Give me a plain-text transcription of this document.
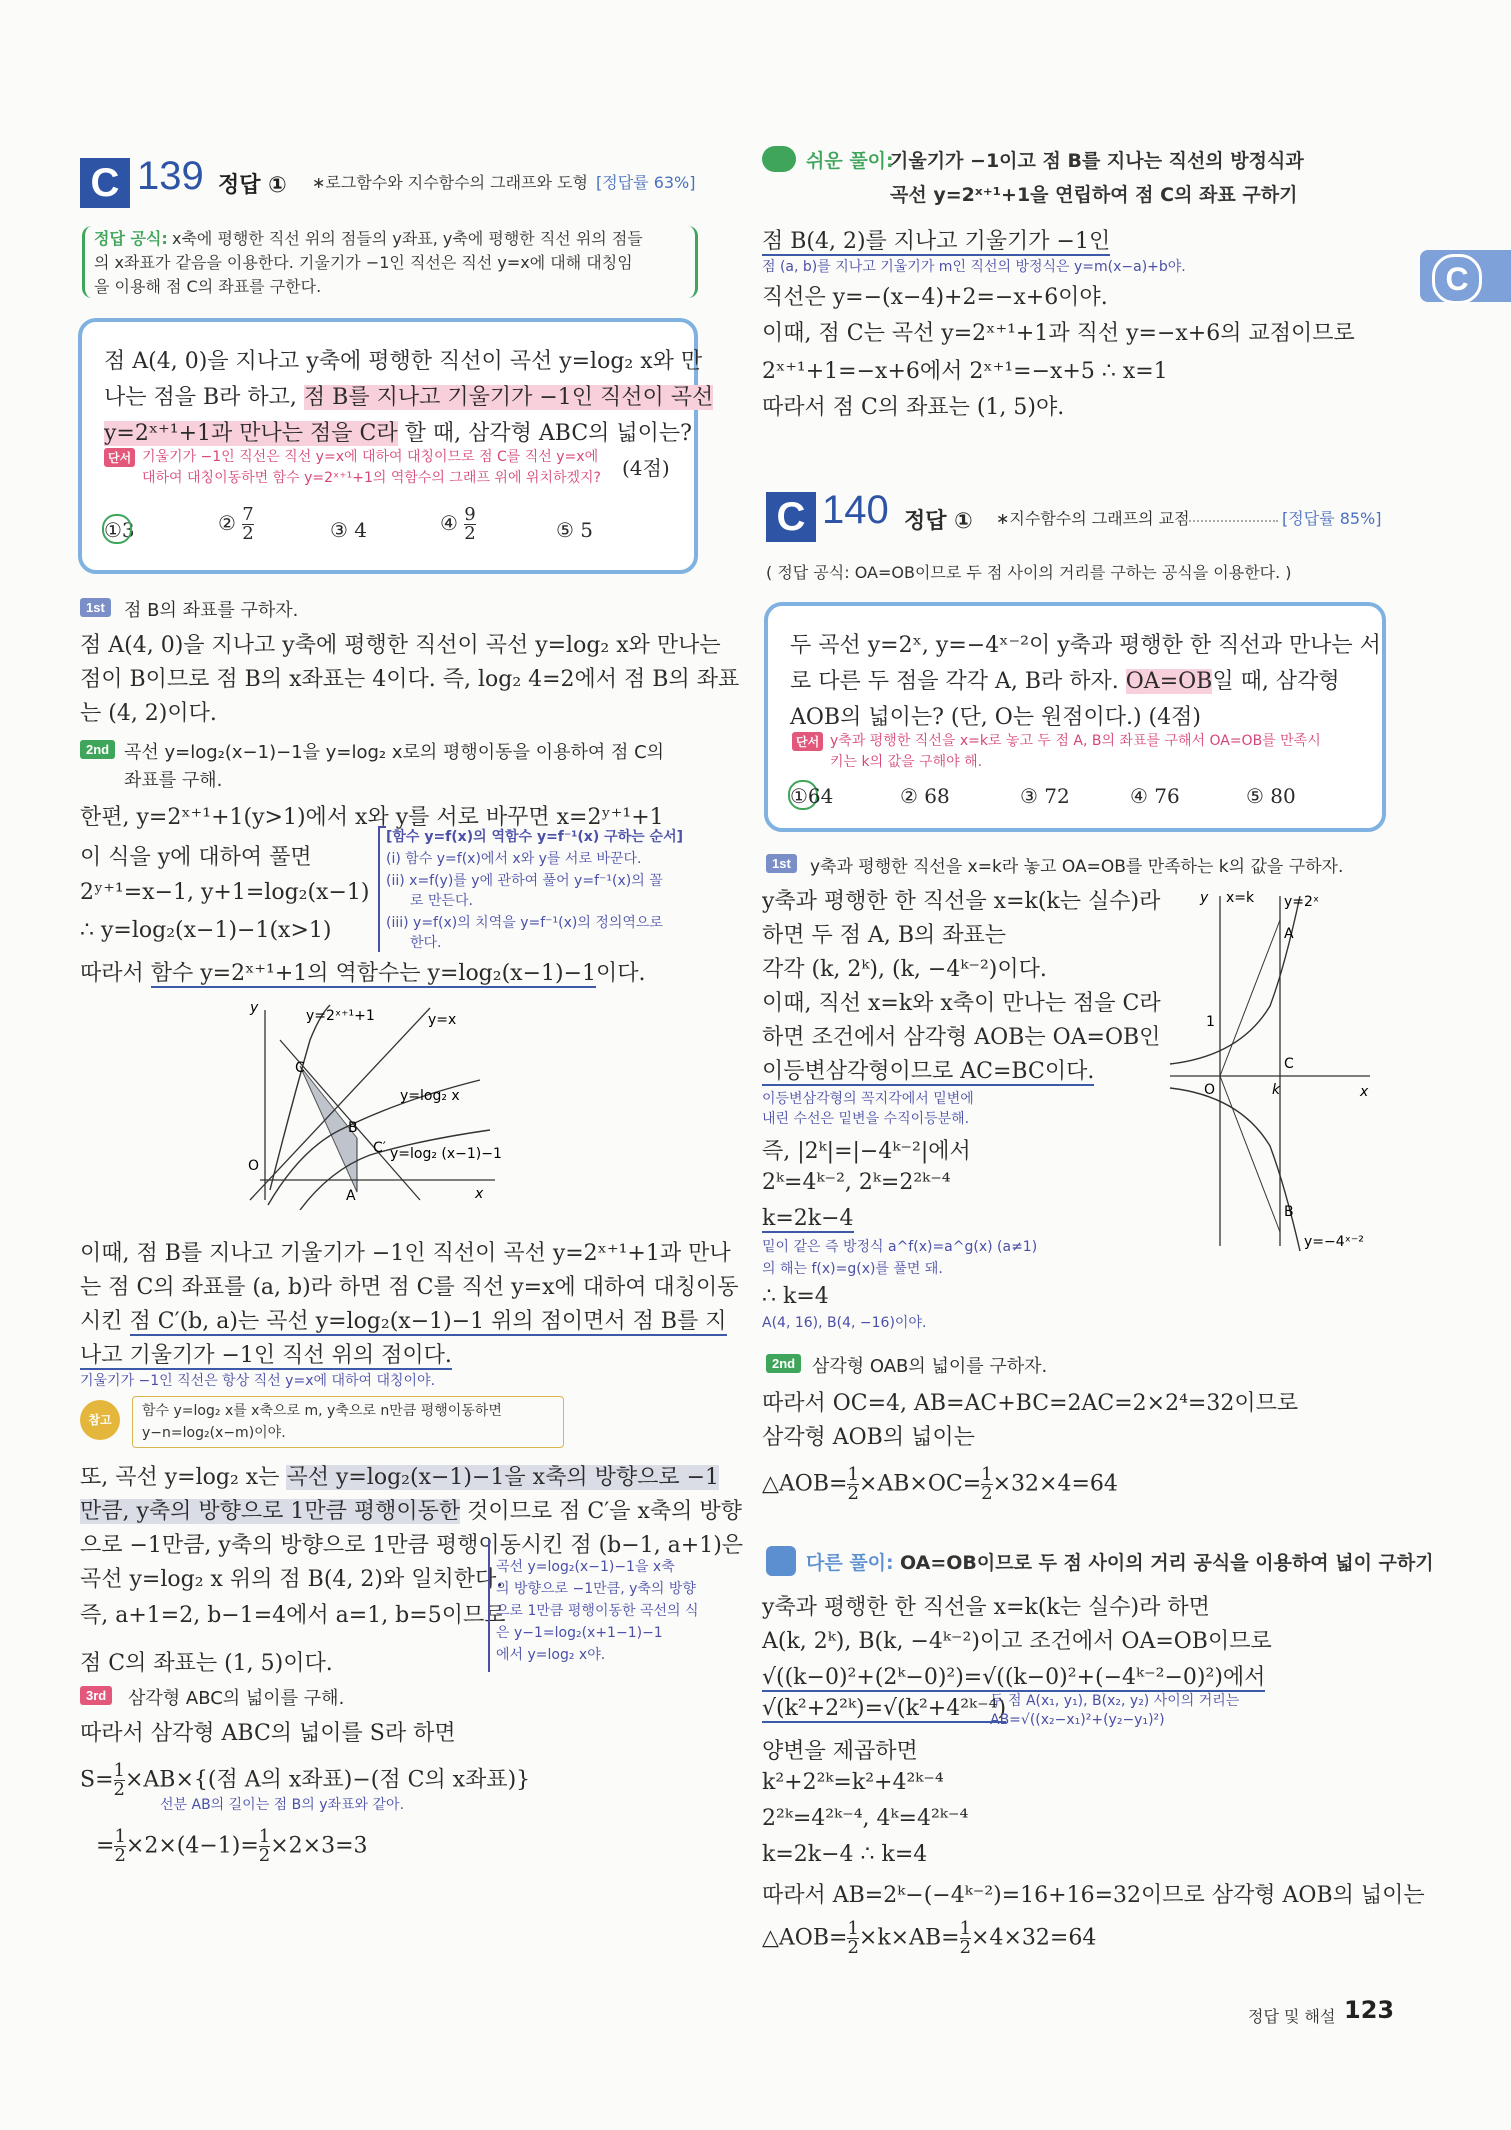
C
C 139 정답 ① ∗로그함수와 지수함수의 그래프와 도형 [정답률 63%]
정답 공식: x축에 평행한 직선 위의 점들의 y좌표, y축에 평행한 직선 위의 점들
의 x좌표가 같음을 이용한다. 기울기가 −1인 직선은 직선 y=x에 대해 대칭임
을 이용해 점 C의 좌표를 구한다.
점 A(4, 0)을 지나고 y축에 평행한 직선이 곡선 y=log₂ x와 만
나는 점을 B라 하고, 점 B를 지나고 기울기가 −1인 직선이 곡선
y=2ˣ⁺¹+1과 만나는 점을 C라 할 때, 삼각형 ABC의 넓이는?
단서 기울기가 −1인 직선은 직선 y=x에 대하여 대칭이므로 점 C를 직선 y=x에
대하여 대칭이동하면 함수 y=2ˣ⁺¹+1의 역함수의 그래프 위에 위치하겠지? (4점)
①3	② $\frac{7}{2}$	③ 4	④ $\frac{9}{2}$	⑤ 5
1st	점 B의 좌표를 구하자.
점 A(4, 0)을 지나고 y축에 평행한 직선이 곡선 y=log₂ x와 만나는
점이 B이므로 점 B의 x좌표는 4이다. 즉, log₂ 4=2에서 점 B의 좌표
는 (4, 2)이다.
2nd 곡선 y=log₂(x−1)−1을 y=log₂ x로의 평행이동을 이용하여 점 C의
좌표를 구해.
한편, y=2ˣ⁺¹+1(y>1)에서 x와 y를 서로 바꾸면 x=2ʸ⁺¹+1
이 식을 y에 대하여 풀면
2ʸ⁺¹=x−1, y+1=log₂(x−1)
∴ y=log₂(x−1)−1(x>1)
따라서 함수 y=2ˣ⁺¹+1의 역함수는 y=log₂(x−1)−1이다.
[함수 y=f(x)의 역함수 y=f⁻¹(x) 구하는 순서]
(i) 함수 y=f(x)에서 x와 y를 서로 바꾼다.
(ii) x=f(y)를 y에 관하여 풀어 y=f⁻¹(x)의 꼴
로 만든다.
(iii) y=f(x)의 치역을 y=f⁻¹(x)의 정의역으로
한다.
y
x
O
y=2ˣ⁺¹+1	y=x
y=log₂ x
y=log₂ (x−1)−1
C
B
C′
A
이때, 점 B를 지나고 기울기가 −1인 직선이 곡선 y=2ˣ⁺¹+1과 만나
는 점 C의 좌표를 (a, b)라 하면 점 C를 직선 y=x에 대하여 대칭이동
시킨 점 C′(b, a)는 곡선 y=log₂(x−1)−1 위의 점이면서 점 B를 지
나고 기울기가 −1인 직선 위의 점이다.
기울기가 −1인 직선은 항상 직선 y=x에 대하여 대칭이야.
참고
함수 y=log₂ x를 x축으로 m, y축으로 n만큼 평행이동하면
y−n=log₂(x−m)이야.
또, 곡선 y=log₂ x는 곡선 y=log₂(x−1)−1을 x축의 방향으로 −1
만큼, y축의 방향으로 1만큼 평행이동한 것이므로 점 C′을 x축의 방향
으로 −1만큼, y축의 방향으로 1만큼 평행이동시킨 점 (b−1, a+1)은
곡선 y=log₂ x 위의 점 B(4, 2)와 일치한다.
즉, a+1=2, b−1=4에서 a=1, b=5이므로
점 C의 좌표는 (1, 5)이다.
곡선 y=log₂(x−1)−1을 x축
의 방향으로 −1만큼, y축의 방향
으로 1만큼 평행이동한 곡선의 식
은 y−1=log₂(x+1−1)−1
에서 y=log₂ x야.
3rd	삼각형 ABC의 넓이를 구해.
따라서 삼각형 ABC의 넓이를 S라 하면
$S= \frac{1}{2} \times AB\times${(점 A의 x좌표)−(점 C의 x좌표)}
선분 AB의 길이는 점 B의 y좌표와 같아.
= $\frac{1}{2} \times 2\times(4-1)= \frac{1}{2} \times 2\times 3=3$
쉬운 풀이:
기울기가 −1이고 점 B를 지나는 직선의 방정식과
곡선 y=2ˣ⁺¹+1을 연립하여 점 C의 좌표 구하기
점 B(4, 2)를 지나고 기울기가 −1인
점 (a, b)를 지나고 기울기가 m인 직선의 방정식은 y=m(x−a)+b야.
직선은 y=−(x−4)+2=−x+6이야.
이때, 점 C는 곡선 y=2ˣ⁺¹+1과 직선 y=−x+6의 교점이므로
2ˣ⁺¹+1=−x+6에서 2ˣ⁺¹=−x+5 ∴ x=1
따라서 점 C의 좌표는 (1, 5)야.
C 140 정답 ① ∗지수함수의 그래프의 교점	[정답률 85%]
( 정답 공식: OA=OB이므로 두 점 사이의 거리를 구하는 공식을 이용한다. )
두 곡선 y=2ˣ, y=−4ˣ⁻²이 y축과 평행한 한 직선과 만나는 서
로 다른 두 점을 각각 A, B라 하자. OA=OB일 때, 삼각형
AOB의 넓이는? (단, O는 원점이다.) (4점)
단서 y축과 평행한 직선을 x=k로 놓고 두 점 A, B의 좌표를 구해서 OA=OB를 만족시
키는 k의 값을 구해야 해.
①64	② 68	③ 72	④ 76	⑤ 80
1st	y축과 평행한 직선을 x=k라 놓고 OA=OB를 만족하는 k의 값을 구하자.
y축과 평행한 한 직선을 x=k(k는 실수)라
하면 두 점 A, B의 좌표는
각각 (k, 2ᵏ), (k, −4ᵏ⁻²)이다.
이때, 직선 x=k와 x축이 만나는 점을 C라
하면 조건에서 삼각형 AOB는 OA=OB인
이등변삼각형이므로 AC=BC이다.
이등변삼각형의 꼭지각에서 밑변에
내린 수선은 밑변을 수직이등분해.
즉, |2ᵏ|=|−4ᵏ⁻²|에서
2ᵏ=4ᵏ⁻², 2ᵏ=2²ᵏ⁻⁴
k=2k−4
밑이 같은 즉 방정식 a^f(x)=a^g(x) (a≠1)
의 해는 f(x)=g(x)를 풀면 돼.
∴ k=4
A(4, 16), B(4, −16)이야.
y
x
x=k y=2ˣ
y=−4ˣ⁻²
A
B
C
O	k
1
2nd 삼각형 OAB의 넓이를 구하자.
따라서 OC=4, AB=AC+BC=2AC=2×2⁴=32이므로
삼각형 AOB의 넓이는
△AOB= $\frac{1}{2} \times AB\times OC= \frac{1}{2} \times 32\times 4=64$
다른 풀이: OA=OB이므로 두 점 사이의 거리 공식을 이용하여 넓이 구하기
y축과 평행한 한 직선을 x=k(k는 실수)라 하면
A(k, 2ᵏ), B(k, −4ᵏ⁻²)이고 조건에서 OA=OB이므로
√((k−0)²+(2ᵏ−0)²)=√((k−0)²+(−4ᵏ⁻²−0)²)에서
√(k²+2²ᵏ)=√(k²+4²ᵏ⁻⁴)
두 점 A(x₁, y₁), B(x₂, y₂) 사이의 거리는
AB=√((x₂−x₁)²+(y₂−y₁)²)
양변을 제곱하면
k²+2²ᵏ=k²+4²ᵏ⁻⁴
2²ᵏ=4²ᵏ⁻⁴, 4ᵏ=4²ᵏ⁻⁴
k=2k−4 ∴ k=4
따라서 AB=2ᵏ−(−4ᵏ⁻²)=16+16=32이므로 삼각형 AOB의 넓이는
△AOB= $\frac{1}{2} \times k\times AB= \frac{1}{2} \times 4\times 32=64$
정답 및 해설 123
